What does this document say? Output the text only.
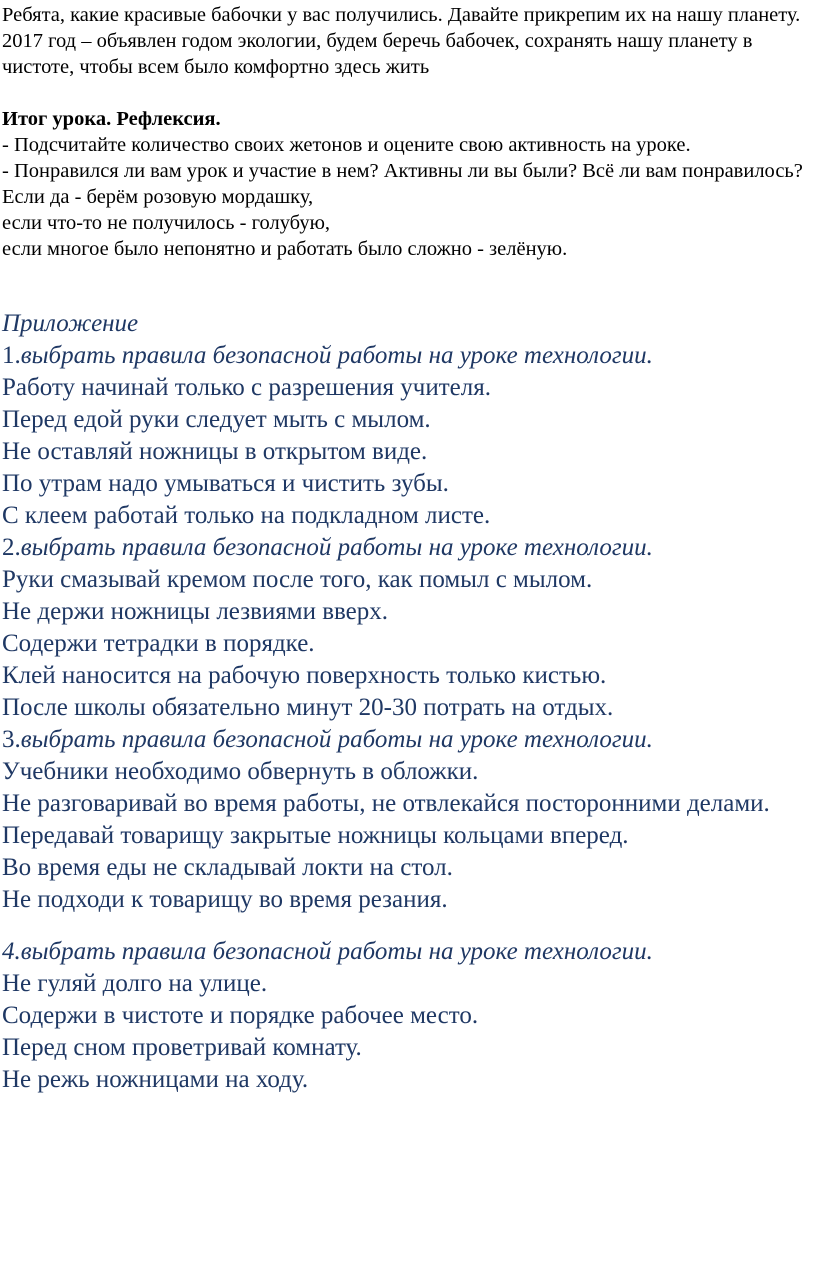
Ребята, какие красивые бабочки у вас получились. Давайте прикрепим их на нашу планету. 2017 год – объявлен годом экологии, будем беречь бабочек, сохранять нашу планету в чистоте, чтобы всем было комфортно здесь жить

Итог урока. Рефлексия.

- Подсчитайте количество своих жетонов и оцените свою активность на уроке.

- Понравился ли вам урок и участие в нем? Активны ли вы были? Всё ли вам понравилось?

Если да - берём розовую мордашку,

если что-то не получилось - голубую,

если многое было непонятно и работать было сложно - зелёную.

Приложение

1.выбрать правила безопасной работы на уроке технологии.

Работу начинай только с разрешения учителя.

Перед едой руки следует мыть с мылом.

Не оставляй ножницы в открытом виде.

По утрам надо умываться и чистить зубы.

С клеем работай только на подкладном листе.

2.выбрать правила безопасной работы на уроке технологии.

Руки смазывай кремом после того, как помыл с мылом.

Не держи ножницы лезвиями вверх.

Содержи тетрадки в порядке.

Клей наносится на рабочую поверхность только кистью.

После школы обязательно минут 20-30 потрать на отдых.

3.выбрать правила безопасной работы на уроке технологии.

Учебники необходимо обвернуть в обложки.

Не разговаривай во время работы, не отвлекайся посторонними делами.

Передавай товарищу закрытые ножницы кольцами вперед.

Во время еды не складывай локти на стол.

Не подходи к товарищу во время резания.

4.выбрать правила безопасной работы на уроке технологии.

Не гуляй долго на улице.

Содержи в чистоте и порядке рабочее место.

Перед сном проветривай комнату.

Не режь ножницами на ходу.
